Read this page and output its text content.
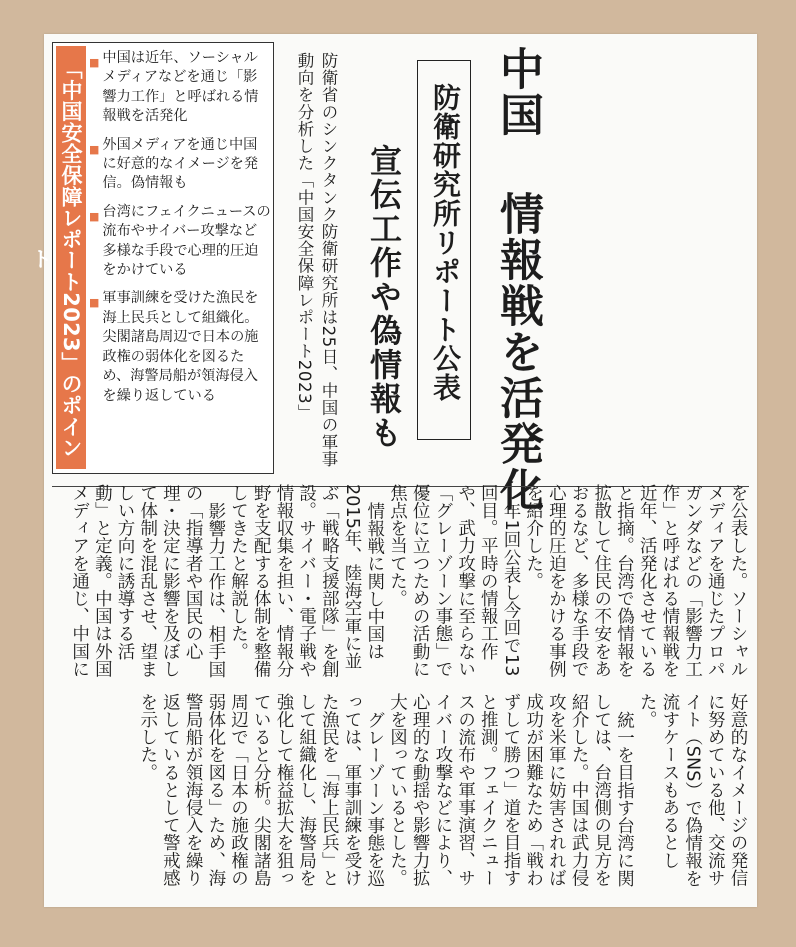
中国 情報戦を活発化
防衛研究所リポート公表
宣伝工作や偽情報も
防衛省のシンクタンク防衛研究所は25日、中国の軍事動向を分析した「中国安全保障レポート2023」
「中国安全保障レポート2023」のポイント
■ 中国は近年、ソーシャルメディアなどを通じ「影響力工作」と呼ばれる情報戦を活発化
■ 外国メディアを通じ中国に好意的なイメージを発信。偽情報も
■ 台湾にフェイクニュースの流布やサイバー攻撃など多様な手段で心理的圧迫をかけている
■ 軍事訓練を受けた漁民を海上民兵として組織化。尖閣諸島周辺で日本の施政権の弱体化を図るため、海警局船が領海侵入を繰り返している

を公表した。ソーシャルメディアを通じたプロパガンダなどの「影響力工作」と呼ばれる情報戦を近年、活発化させていると指摘。台湾で偽情報を拡散して住民の不安をあおるなど、多様な手段で心理的圧迫をかける事例を紹介した。

年1回公表し今回で13回目。平時の情報工作や、武力攻撃に至らない「グレーゾーン事態」で優位に立つための活動に焦点を当てた。

情報戦に関し中国は2015年、陸海空軍に並ぶ「戦略支援部隊」を創設。サイバー・電子戦や情報収集を担い、情報分野を支配する体制を整備してきたと解説した。

影響力工作は、相手国の「指導者や国民の心理・決定に影響を及ぼして体制を混乱させ、望ましい方向に誘導する活動」と定義。中国は外国メディアを通じ、中国に好意的なイメージの発信に努めている他、交流サイト（SNS）で偽情報を流すケースもあるとした。

統一を目指す台湾に関しては、台湾側の見方を紹介した。中国は武力侵攻を米軍に妨害されれば成功が困難なため「戦わずして勝つ」道を目指すと推測。フェイクニュースの流布や軍事演習、サイバー攻撃などにより、心理的な動揺や影響力拡大を図っているとした。

グレーゾーン事態を巡っては、軍事訓練を受けた漁民を「海上民兵」として組織化し、海警局を強化して権益拡大を狙っていると分析。尖閣諸島周辺で「日本の施政権の弱体化を図る」ため、海警局船が領海侵入を繰り返しているとして警戒感を示した。
